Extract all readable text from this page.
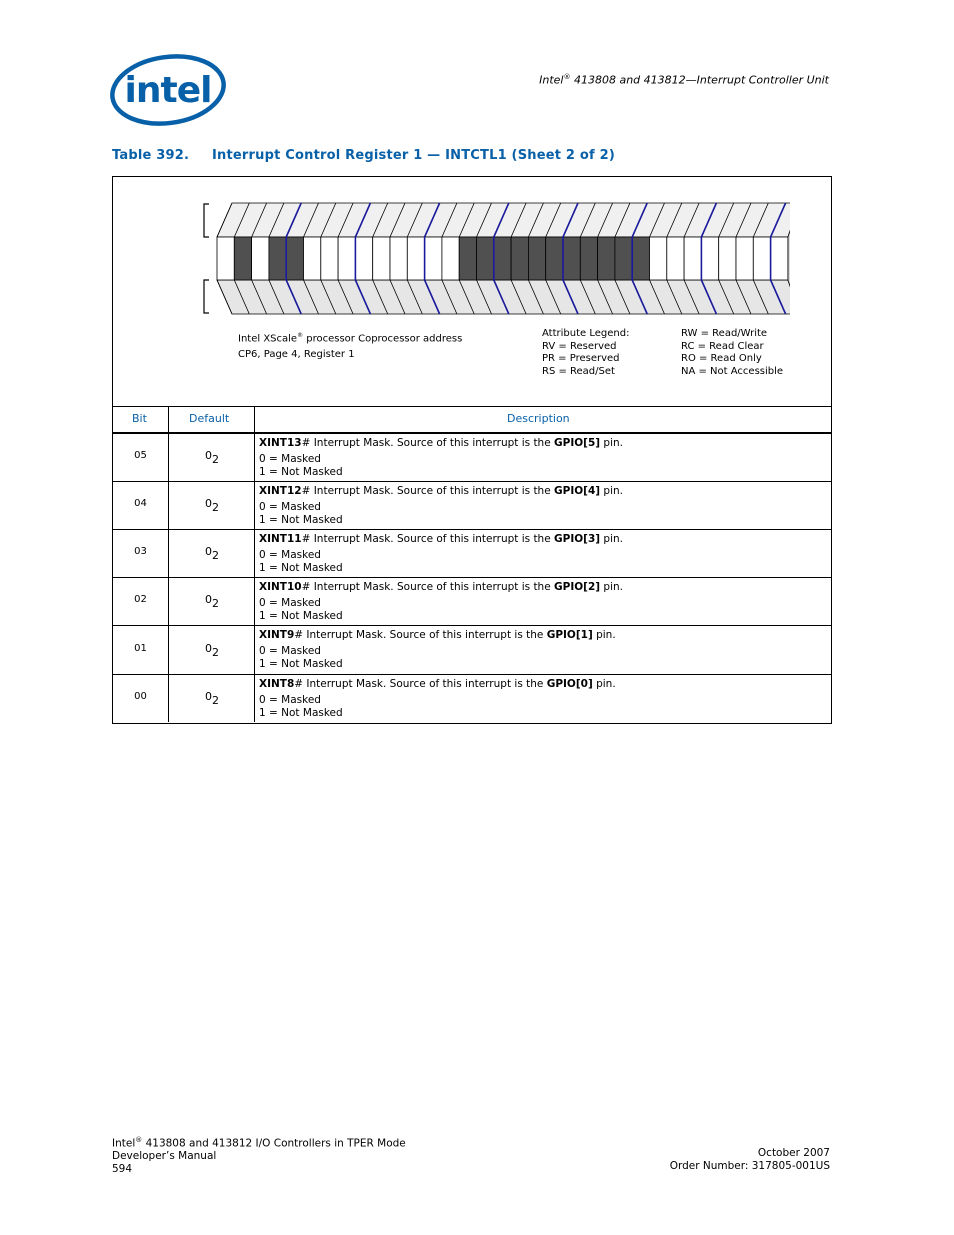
intel	Intel® 413808 and 413812—Interrupt Controller Unit
Table 392. Interrupt Control Register 1 — INTCTL1 (Sheet 2 of 2)
Intel XScale® processor Coprocessor address
CP6, Page 4, Register 1
Attribute Legend:
RV = Reserved
PR = Preserved
RS = Read/Set
RW = Read/Write
RC = Read Clear
RO = Read Only
NA = Not Accessible
Bit	Default	Description
05	$0_2$
XINT13# Interrupt Mask. Source of this interrupt is the GPIO[5] pin.
0 = Masked
1 = Not Masked
04	$0_2$
XINT12# Interrupt Mask. Source of this interrupt is the GPIO[4] pin.
0 = Masked
1 = Not Masked
03	$0_2$
XINT11# Interrupt Mask. Source of this interrupt is the GPIO[3] pin.
0 = Masked
1 = Not Masked
02	$0_2$
XINT10# Interrupt Mask. Source of this interrupt is the GPIO[2] pin.
0 = Masked
1 = Not Masked
01	$0_2$
XINT9# Interrupt Mask. Source of this interrupt is the GPIO[1] pin.
0 = Masked
1 = Not Masked
00	$0_2$
XINT8# Interrupt Mask. Source of this interrupt is the GPIO[0] pin.
0 = Masked
1 = Not Masked
Intel® 413808 and 413812 I/O Controllers in TPER Mode
Developer’s Manual
594
October 2007
Order Number: 317805-001US
